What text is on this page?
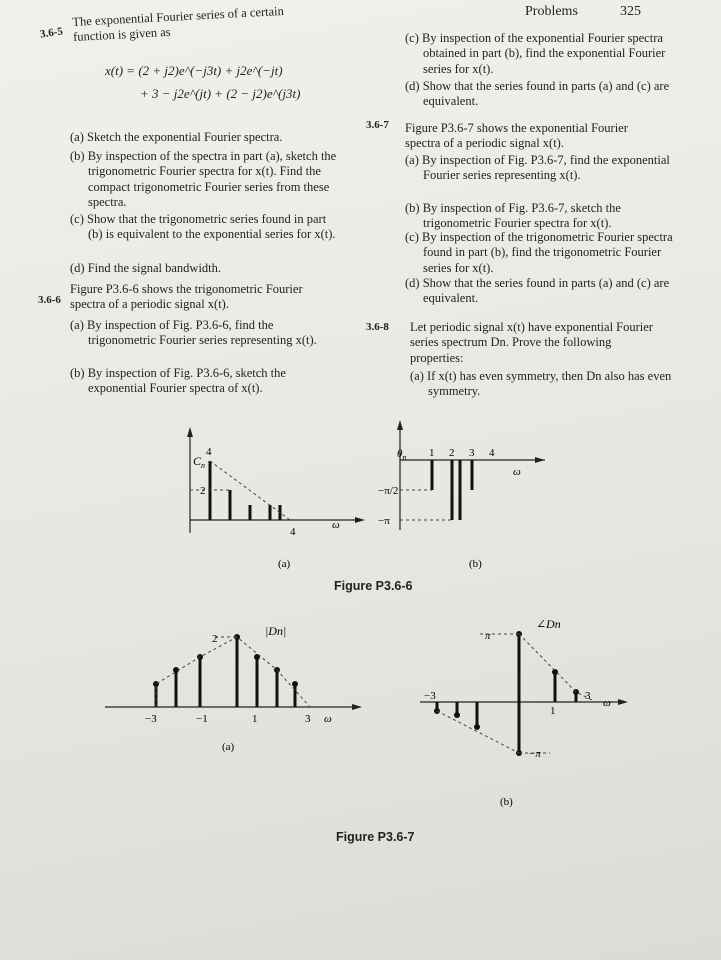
Problems	325
3.6-5
The exponential Fourier series of a certain function is given as
x(t) = (2 + j2)e^(−j3t) + j2e^(−jt)
+ 3 − j2e^(jt) + (2 − j2)e^(j3t)
(a) Sketch the exponential Fourier spectra.
(b) By inspection of the spectra in part (a), sketch the trigonometric Fourier spectra for x(t). Find the compact trigonometric Fourier series from these spectra.
(c) Show that the trigonometric series found in part (b) is equivalent to the exponential series for x(t).
(d) Find the signal bandwidth.
3.6-6
Figure P3.6-6 shows the trigonometric Fourier spectra of a periodic signal x(t).
(a) By inspection of Fig. P3.6-6, find the trigonometric Fourier series representing x(t).
(b) By inspection of Fig. P3.6-6, sketch the exponential Fourier spectra of x(t).
(c) By inspection of the exponential Fourier spectra obtained in part (b), find the exponential Fourier series for x(t).
(d) Show that the series found in parts (a) and (c) are equivalent.
3.6-7 Figure P3.6-7 shows the exponential Fourier spectra of a periodic signal x(t).
(a) By inspection of Fig. P3.6-7, find the exponential Fourier series representing x(t).
(b) By inspection of Fig. P3.6-7, sketch the trigonometric Fourier spectra for x(t).
(c) By inspection of the trigonometric Fourier spectra found in part (b), find the trigonometric Fourier series for x(t).
(d) Show that the series found in parts (a) and (c) are equivalent.
3.6-8 Let periodic signal x(t) have exponential Fourier series spectrum Dn. Prove the following properties:
(a) If x(t) has even symmetry, then Dn also has even symmetry.
$C_n$
4
2
4
ω
(a)
$\theta_n$ 1 2 3 4
ω
−π/2
−π
(b)
Figure P3.6-6
ω
|Dn|
2
−3	−1	1	3
(a)
ω
∠Dn
π
−π
−3
1
3
(b)
Figure P3.6-7
